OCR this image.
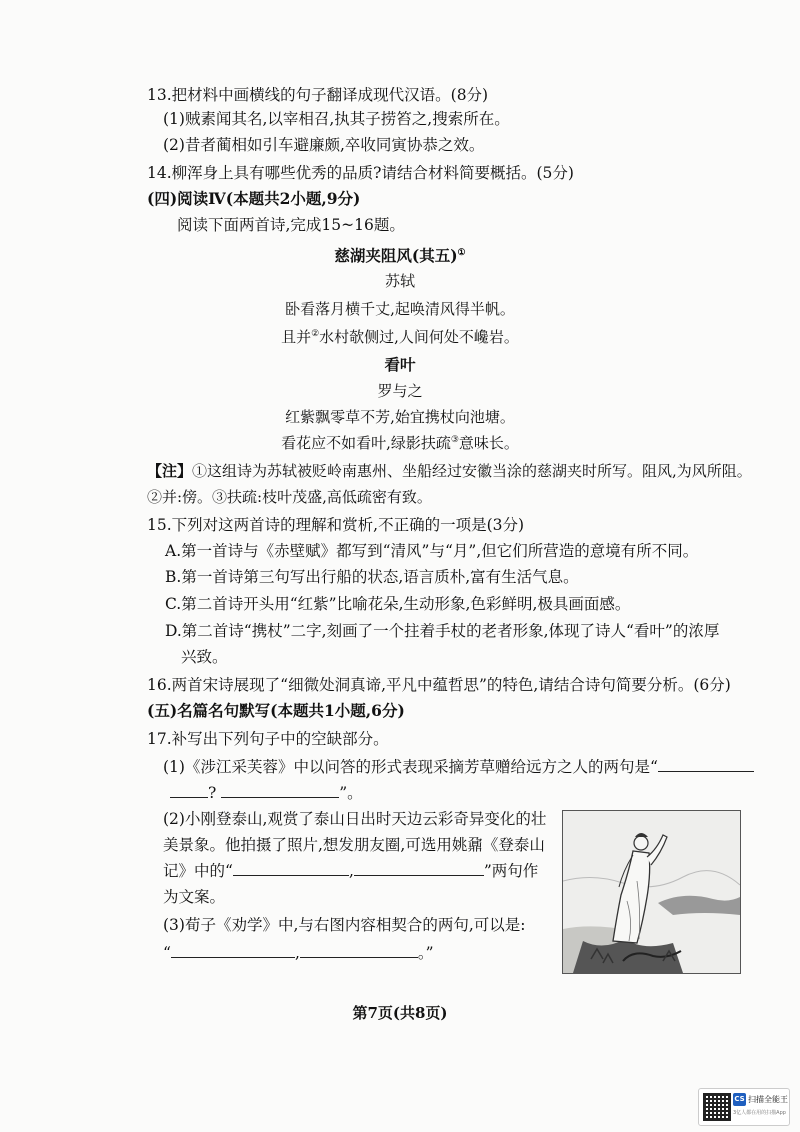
13.把材料中画横线的句子翻译成现代汉语。(8分)
(1)贼素闻其名,以宰相召,执其子捞笞之,搜索所在。
(2)昔者蔺相如引车避廉颇,卒收同寅协恭之效。
14.柳浑身上具有哪些优秀的品质?请结合材料简要概括。(5分)
(四)阅读Ⅳ(本题共2小题,9分)
阅读下面两首诗,完成15~16题。
慈湖夹阻风(其五)①
苏轼
卧看落月横千丈,起唤清风得半帆。
且并②水村欹侧过,人间何处不巉岩。
看叶
罗与之
红紫飘零草不芳,始宜携杖向池塘。
看花应不如看叶,绿影扶疏③意味长。
【注】①这组诗为苏轼被贬岭南惠州、坐船经过安徽当涂的慈湖夹时所写。阻风,为风所阻。
②并:傍。③扶疏:枝叶茂盛,高低疏密有致。
15.下列对这两首诗的理解和赏析,不正确的一项是(3分)
A.第一首诗与《赤壁赋》都写到“清风”与“月”,但它们所营造的意境有所不同。
B.第一首诗第三句写出行船的状态,语言质朴,富有生活气息。
C.第二首诗开头用“红紫”比喻花朵,生动形象,色彩鲜明,极具画面感。
D.第二首诗“携杖”二字,刻画了一个拄着手杖的老者形象,体现了诗人“看叶”的浓厚
兴致。
16.两首宋诗展现了“细微处洞真谛,平凡中蕴哲思”的特色,请结合诗句简要分析。(6分)
(五)名篇名句默写(本题共1小题,6分)
17.补写出下列句子中的空缺部分。
(1)《涉江采芙蓉》中以问答的形式表现采摘芳草赠给远方之人的两句是“
?	”。
(2)小刚登泰山,观赏了泰山日出时天边云彩奇异变化的壮
美景象。他拍摄了照片,想发朋友圈,可选用姚鼐《登泰山
记》中的“	,	”两句作
为文案。
(3)荀子《劝学》中,与右图内容相契合的两句,可以是:
“	,	。”
第7页(共8页)
CS 扫描全能王
3亿人都在用的扫描App
